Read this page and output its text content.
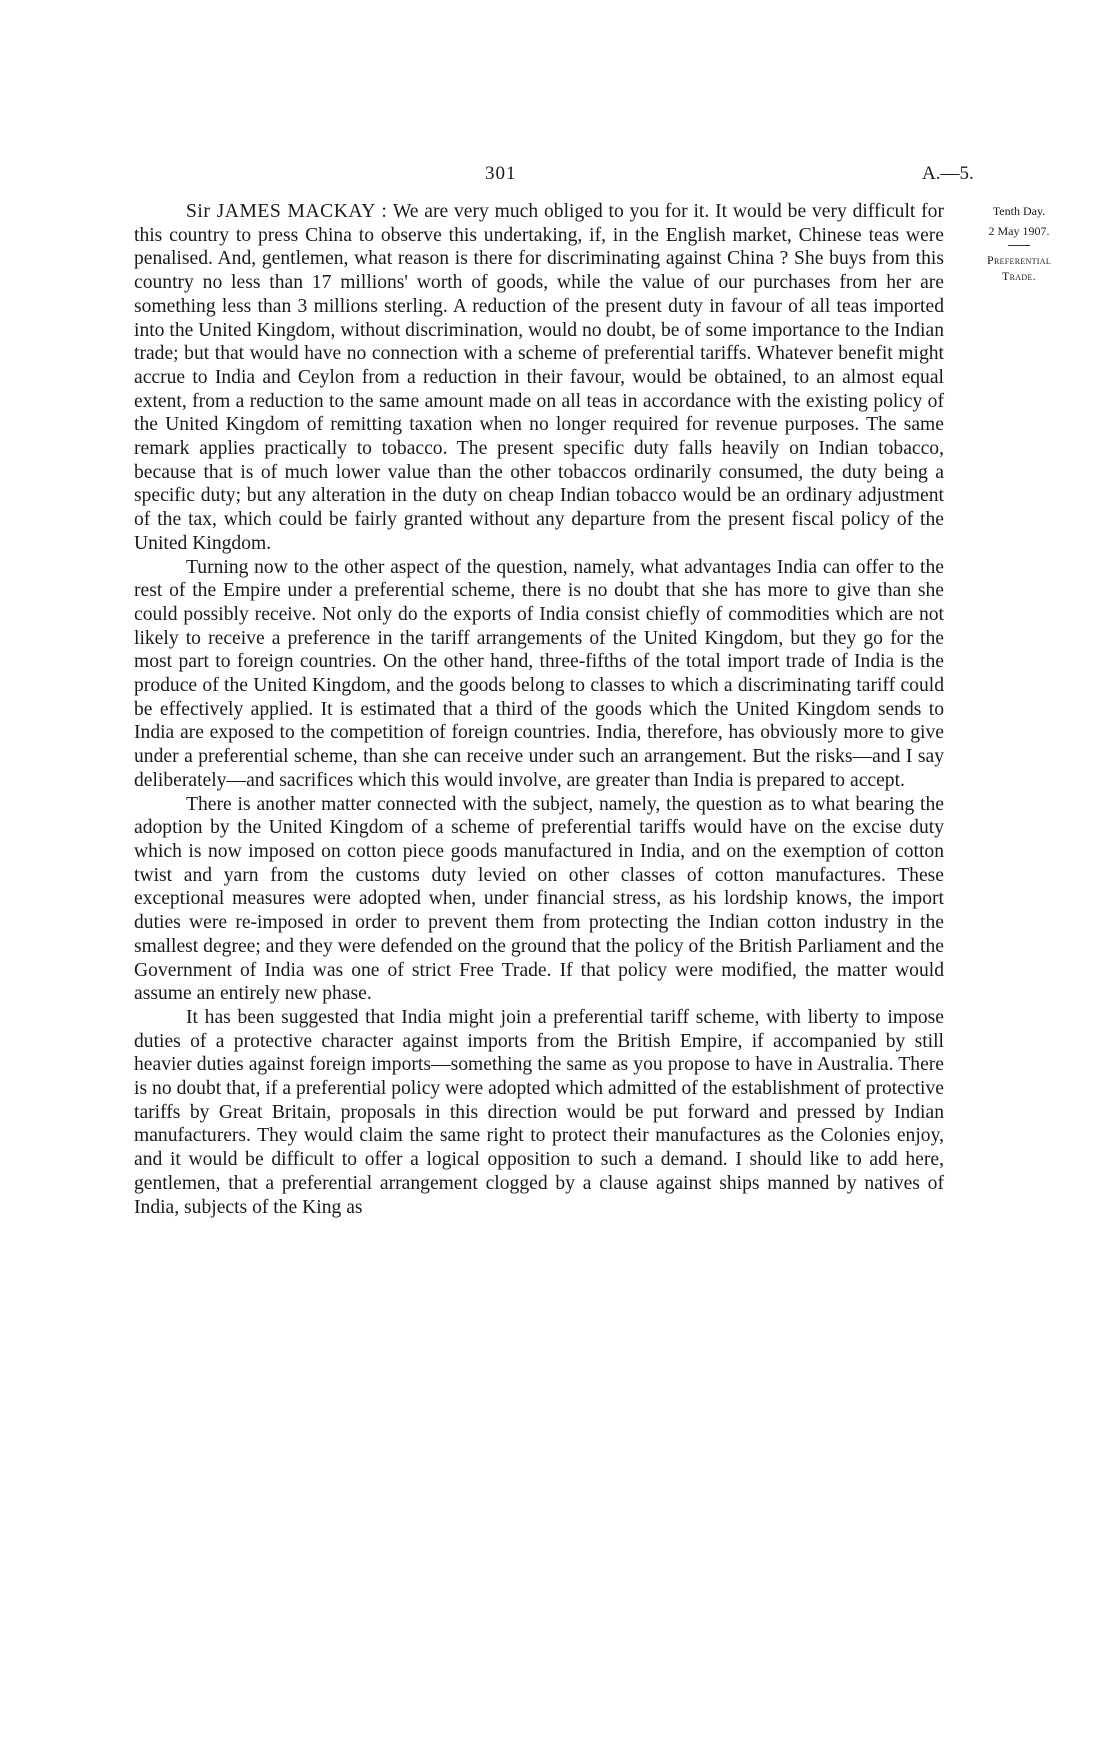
301	A.—5.
Tenth Day.
2 May 1907.
Preferential
Trade.

Sir JAMES MACKAY : We are very much obliged to you for it. It would be very difficult for this country to press China to observe this undertaking, if, in the English market, Chinese teas were penalised. And, gentlemen, what reason is there for discriminating against China ? She buys from this country no less than 17 millions' worth of goods, while the value of our purchases from her are something less than 3 millions sterling. A reduction of the present duty in favour of all teas imported into the United Kingdom, without discrimination, would no doubt, be of some importance to the Indian trade; but that would have no connection with a scheme of preferential tariffs. Whatever benefit might accrue to India and Ceylon from a reduction in their favour, would be obtained, to an almost equal extent, from a reduction to the same amount made on all teas in accordance with the existing policy of the United Kingdom of remitting taxation when no longer required for revenue purposes. The same remark applies practically to tobacco. The present specific duty falls heavily on Indian tobacco, because that is of much lower value than the other tobaccos ordinarily consumed, the duty being a specific duty; but any alteration in the duty on cheap Indian tobacco would be an ordinary adjustment of the tax, which could be fairly granted without any departure from the present fiscal policy of the United Kingdom.

Turning now to the other aspect of the question, namely, what advantages India can offer to the rest of the Empire under a preferential scheme, there is no doubt that she has more to give than she could possibly receive. Not only do the exports of India consist chiefly of commodities which are not likely to receive a preference in the tariff arrangements of the United Kingdom, but they go for the most part to foreign countries. On the other hand, three-fifths of the total import trade of India is the produce of the United Kingdom, and the goods belong to classes to which a discriminating tariff could be effectively applied. It is estimated that a third of the goods which the United Kingdom sends to India are exposed to the competition of foreign countries. India, therefore, has obviously more to give under a preferential scheme, than she can receive under such an arrangement. But the risks—and I say deliberately—and sacrifices which this would involve, are greater than India is prepared to accept.

There is another matter connected with the subject, namely, the question as to what bearing the adoption by the United Kingdom of a scheme of preferential tariffs would have on the excise duty which is now imposed on cotton piece goods manufactured in India, and on the exemption of cotton twist and yarn from the customs duty levied on other classes of cotton manufactures. These exceptional measures were adopted when, under financial stress, as his lordship knows, the import duties were re-imposed in order to prevent them from protecting the Indian cotton industry in the smallest degree; and they were defended on the ground that the policy of the British Parliament and the Government of India was one of strict Free Trade. If that policy were modified, the matter would assume an entirely new phase.

It has been suggested that India might join a preferential tariff scheme, with liberty to impose duties of a protective character against imports from the British Empire, if accompanied by still heavier duties against foreign imports—something the same as you propose to have in Australia. There is no doubt that, if a preferential policy were adopted which admitted of the establishment of protective tariffs by Great Britain, proposals in this direction would be put forward and pressed by Indian manufacturers. They would claim the same right to protect their manufactures as the Colonies enjoy, and it would be difficult to offer a logical opposition to such a demand. I should like to add here, gentlemen, that a preferential arrangement clogged by a clause against ships manned by natives of India, subjects of the King as
